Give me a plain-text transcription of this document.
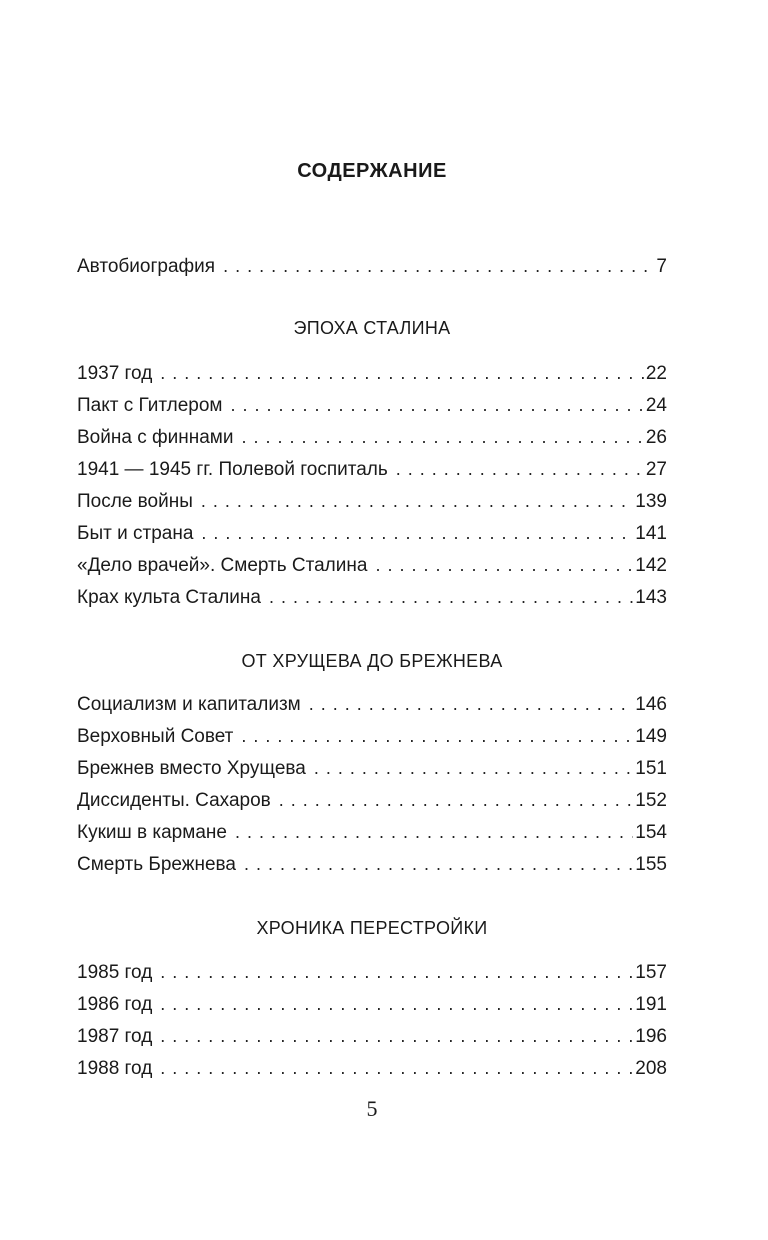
СОДЕРЖАНИЕ
Автобиография . . .	7
ЭПОХА СТАЛИНА
1937 год . . .	22
Пакт с Гитлером . . .	24
Война с финнами . . .	26
1941 — 1945 гг. Полевой госпиталь . . .	27
После войны . . .	139
Быт и страна . . .	141
«Дело врачей». Смерть Сталина . . .	142
Крах культа Сталина . . .	143
ОТ ХРУЩЕВА ДО БРЕЖНЕВА
Социализм и капитализм . . .	146
Верховный Совет . . .	149
Брежнев вместо Хрущева . . .	151
Диссиденты. Сахаров . . .	152
Кукиш в кармане . . .	154
Смерть Брежнева . . .	155
ХРОНИКА ПЕРЕСТРОЙКИ
1985 год . . .	157
1986 год . . .	191
1987 год . . .	196
1988 год . . .	208
5
